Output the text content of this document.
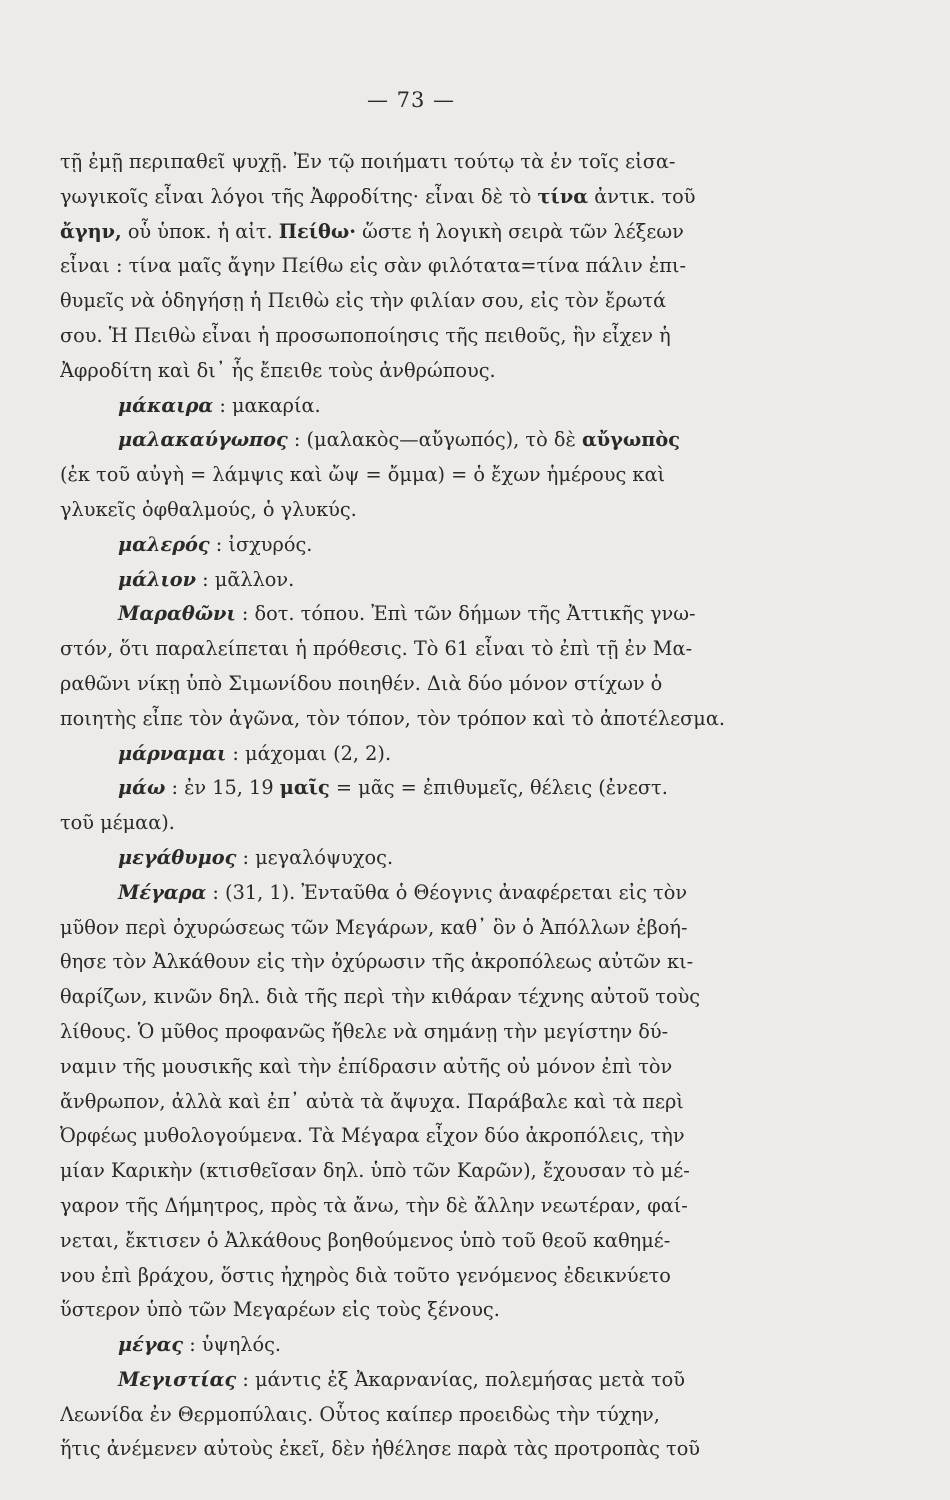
— 73 —
τῇ ἐμῇ περιπαθεῖ ψυχῇ. Ἐν τῷ ποιήματι τούτῳ τὰ ἐν τοῖς εἰσα-
γωγικοῖς εἶναι λόγοι τῆς Ἀφροδίτης· εἶναι δὲ τὸ τίνα ἀντικ. τοῦ
ἄγην, οὗ ὑποκ. ἡ αἰτ. Πείθω· ὥστε ἡ λογικὴ σειρὰ τῶν λέξεων
εἶναι : τίνα μαῖς ἄγην Πείθω εἰς σὰν φιλότατα=τίνα πάλιν ἐπι-
θυμεῖς νὰ ὁδηγήσῃ ἡ Πειθὼ εἰς τὴν φιλίαν σου, εἰς τὸν ἔρωτά
σου. Ἡ Πειθὼ εἶναι ἡ προσωποποίησις τῆς πειθοῦς, ἣν εἶχεν ἡ
Ἀφροδίτη καὶ δι᾽ ἧς ἔπειθε τοὺς ἀνθρώπους.
μάκαιρα : μακαρία.
μαλακαύγωπος : (μαλακὸς—αὔγωπός), τὸ δὲ αὔγωπὸς
(ἐκ τοῦ αὐγὴ = λάμψις καὶ ὤψ = ὄμμα) = ὁ ἔχων ἡμέρους καὶ
γλυκεῖς ὀφθαλμούς, ὁ γλυκύς.
μαλερός : ἰσχυρός.
μάλιον : μᾶλλον.
Μαραθῶνι : δοτ. τόπου. Ἐπὶ τῶν δήμων τῆς Ἀττικῆς γνω-
στόν, ὅτι παραλείπεται ἡ πρόθεσις. Τὸ 61 εἶναι τὸ ἐπὶ τῇ ἐν Μα-
ραθῶνι νίκῃ ὑπὸ Σιμωνίδου ποιηθέν. Διὰ δύο μόνον στίχων ὁ
ποιητὴς εἶπε τὸν ἀγῶνα, τὸν τόπον, τὸν τρόπον καὶ τὸ ἀποτέλεσμα.
μάρναμαι : μάχομαι (2, 2).
μάω : ἐν 15, 19 μαῖς = μᾶς = ἐπιθυμεῖς, θέλεις (ἐνεστ.
τοῦ μέμαα).
μεγάθυμος : μεγαλόψυχος.
Μέγαρα : (31, 1). Ἐνταῦθα ὁ Θέογνις ἀναφέρεται εἰς τὸν
μῦθον περὶ ὀχυρώσεως τῶν Μεγάρων, καθ᾽ ὃν ὁ Ἀπόλλων ἐβοή-
θησε τὸν Ἀλκάθουν εἰς τὴν ὀχύρωσιν τῆς ἀκροπόλεως αὐτῶν κι-
θαρίζων, κινῶν δηλ. διὰ τῆς περὶ τὴν κιθάραν τέχνης αὐτοῦ τοὺς
λίθους. Ὁ μῦθος προφανῶς ἤθελε νὰ σημάνῃ τὴν μεγίστην δύ-
ναμιν τῆς μουσικῆς καὶ τὴν ἐπίδρασιν αὐτῆς οὐ μόνον ἐπὶ τὸν
ἄνθρωπον, ἀλλὰ καὶ ἐπ᾽ αὐτὰ τὰ ἄψυχα. Παράβαλε καὶ τὰ περὶ
Ὀρφέως μυθολογούμενα. Τὰ Μέγαρα εἶχον δύο ἀκροπόλεις, τὴν
μίαν Καρικὴν (κτισθεῖσαν δηλ. ὑπὸ τῶν Καρῶν), ἔχουσαν τὸ μέ-
γαρον τῆς Δήμητρος, πρὸς τὰ ἄνω, τὴν δὲ ἄλλην νεωτέραν, φαί-
νεται, ἔκτισεν ὁ Ἀλκάθους βοηθούμενος ὑπὸ τοῦ θεοῦ καθημέ-
νου ἐπὶ βράχου, ὅστις ἠχηρὸς διὰ τοῦτο γενόμενος ἐδεικνύετο
ὕστερον ὑπὸ τῶν Μεγαρέων εἰς τοὺς ξένους.
μέγας : ὑψηλός.
Μεγιστίας : μάντις ἐξ Ἀκαρνανίας, πολεμήσας μετὰ τοῦ
Λεωνίδα ἐν Θερμοπύλαις. Οὗτος καίπερ προειδὼς τὴν τύχην,
ἥτις ἀνέμενεν αὐτοὺς ἐκεῖ, δὲν ἠθέλησε παρὰ τὰς προτροπὰς τοῦ
